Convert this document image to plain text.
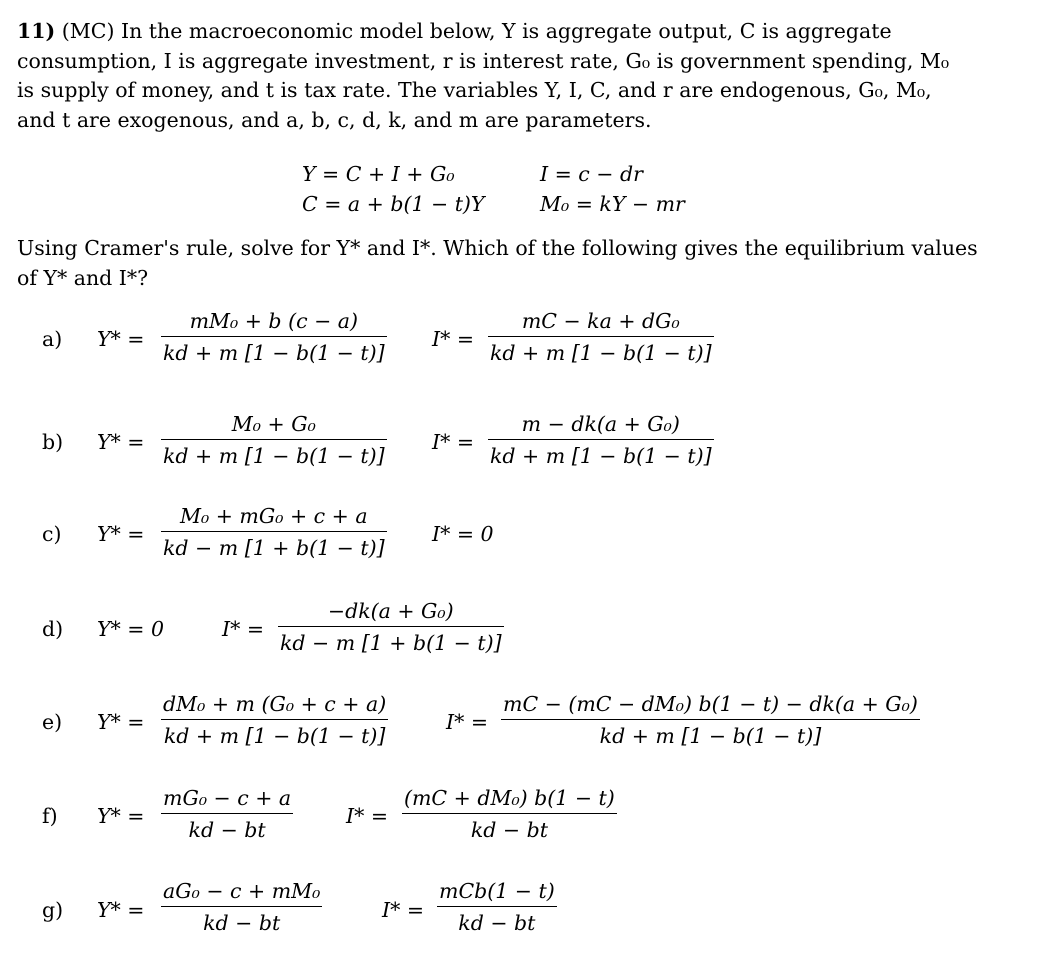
11) (MC) In the macroeconomic model below, Y is aggregate output, C is aggregate
consumption, I is aggregate investment, r is interest rate, G₀ is government spending, M₀
is supply of money, and t is tax rate. The variables Y, I, C, and r are endogenous, G₀, M₀,
and t are exogenous, and a, b, c, d, k, and m are parameters.
Y = C + I + G₀
C = a + b(1 − t)Y
I = c − dr
M₀ = kY − mr
Using Cramer's rule, solve for Y* and I*. Which of the following gives the equilibrium values
of Y* and I*?
a) Y* =
mM₀ + b (c − a)
kd + m [1 − b(1 − t)]
I* =
mC − ka + dG₀
kd + m [1 − b(1 − t)]
b) Y* =
M₀ + G₀
kd + m [1 − b(1 − t)]
I* =
m − dk(a + G₀)
kd + m [1 − b(1 − t)]
c) Y* =
M₀ + mG₀ + c + a
kd − m [1 + b(1 − t)]
I* = 0
d) Y* = 0	I* =
−dk(a + G₀)
kd − m [1 + b(1 − t)]
e) Y* =
dM₀ + m (G₀ + c + a)
kd + m [1 − b(1 − t)]
I* =
mC − (mC − dM₀) b(1 − t) − dk(a + G₀)
kd + m [1 − b(1 − t)]
f) Y* =
mG₀ − c + a
kd − bt
I* =
(mC + dM₀) b(1 − t)
kd − bt
g) Y* =
aG₀ − c + mM₀
kd − bt
I* =
mCb(1 − t)
kd − bt
